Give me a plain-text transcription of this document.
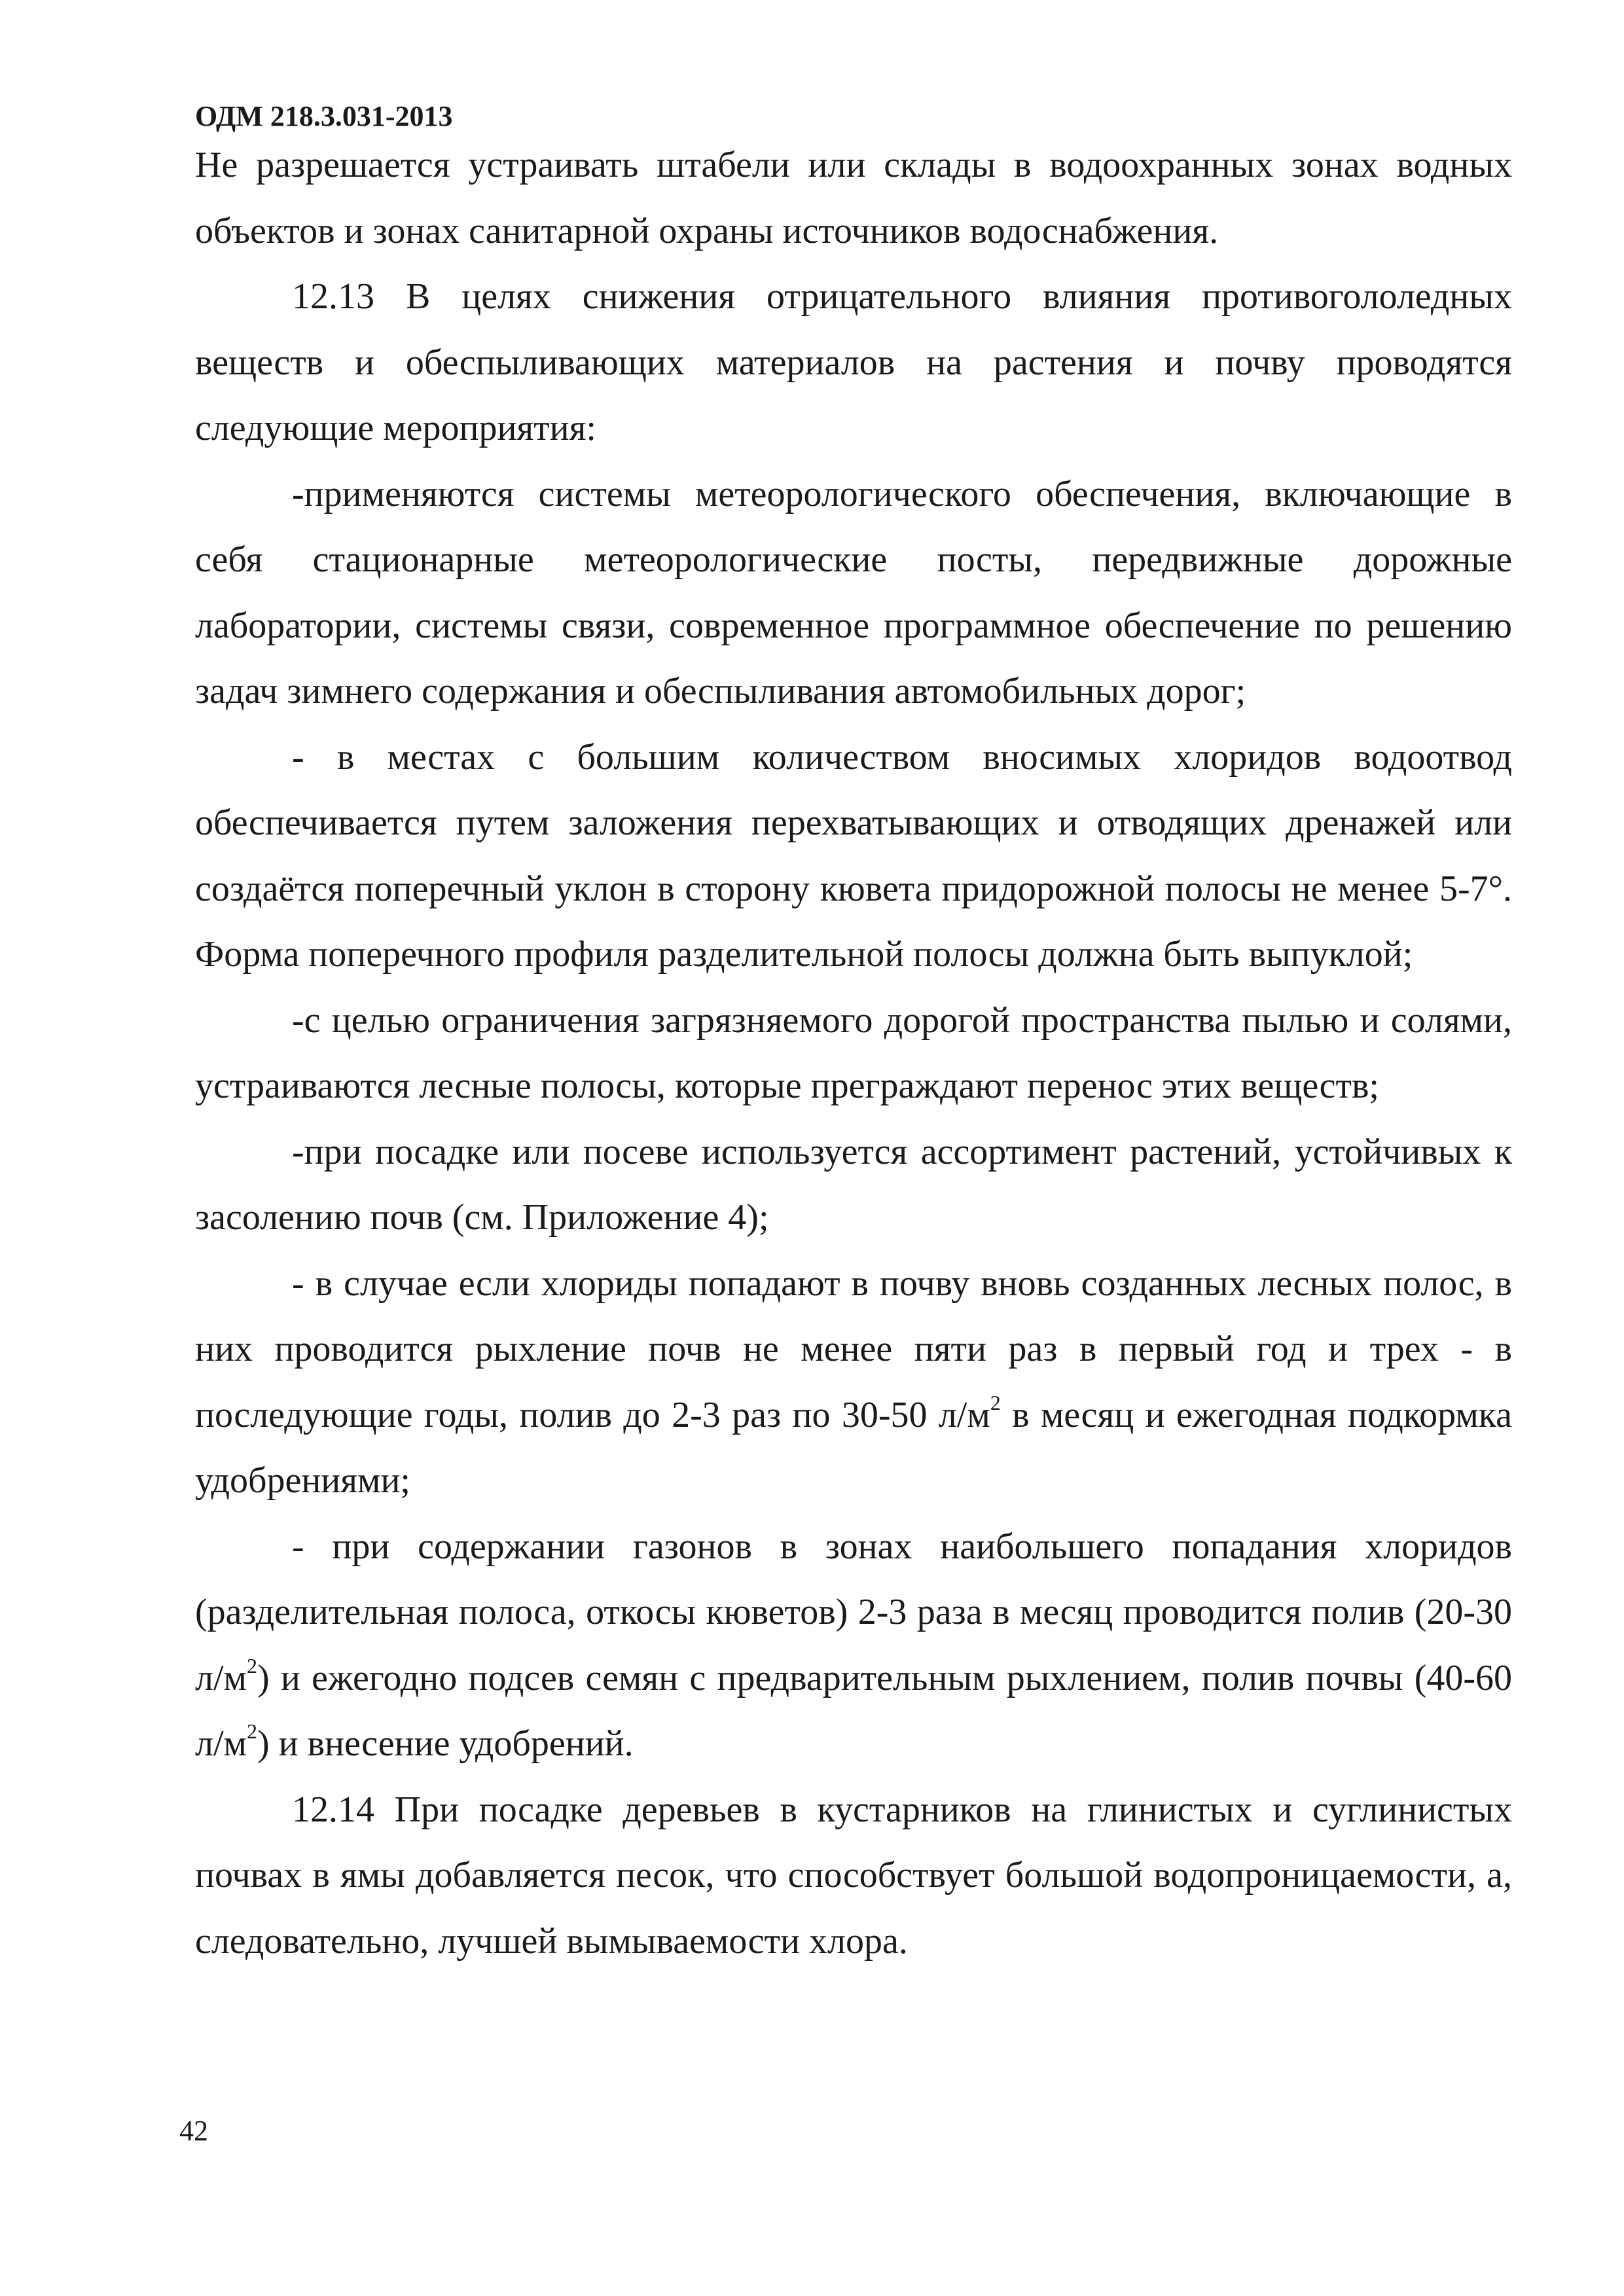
ОДМ 218.3.031-2013

Не разрешается устраивать штабели или склады в водоохранных зонах водных объектов и зонах санитарной охраны источников водоснабжения.

12.13 В целях снижения отрицательного влияния противогололедных веществ и обеспыливающих материалов на растения и почву проводятся следующие мероприятия:

-применяются системы метеорологического обеспечения, включающие в себя стационарные метеорологические посты, передвижные дорожные лаборатории, системы связи, современное программное обеспечение по решению задач зимнего содержания и обеспыливания автомобильных дорог;

- в местах с большим количеством вносимых хлоридов водоотвод обеспечивается путем заложения перехватывающих и отводящих дренажей или создаётся поперечный уклон в сторону кювета придорожной полосы не менее 5-7°. Форма поперечного профиля разделительной полосы должна быть выпуклой;

-с целью ограничения загрязняемого дорогой пространства пылью и солями, устраиваются лесные полосы, которые преграждают перенос этих веществ;

-при посадке или посеве используется ассортимент растений, устойчивых к засолению почв (см. Приложение 4);

- в случае если хлориды попадают в почву вновь созданных лесных полос, в них проводится рыхление почв не менее пяти раз в первый год и трех - в последующие годы, полив до 2-3 раз по 30-50 $л/м^2$ в месяц и ежегодная подкормка удобрениями;

- при содержании газонов в зонах наибольшего попадания хлоридов (разделительная полоса, откосы кюветов) 2-3 раза в месяц проводится полив (20-30 $л/м^2$) и ежегодно подсев семян с предварительным рыхлением, полив почвы (40-60 $л/м^2$) и внесение удобрений.

12.14 При посадке деревьев в кустарников на глинистых и суглинистых почвах в ямы добавляется песок, что способствует большой водопроницаемости, а, следовательно, лучшей вымываемости хлора.

42
